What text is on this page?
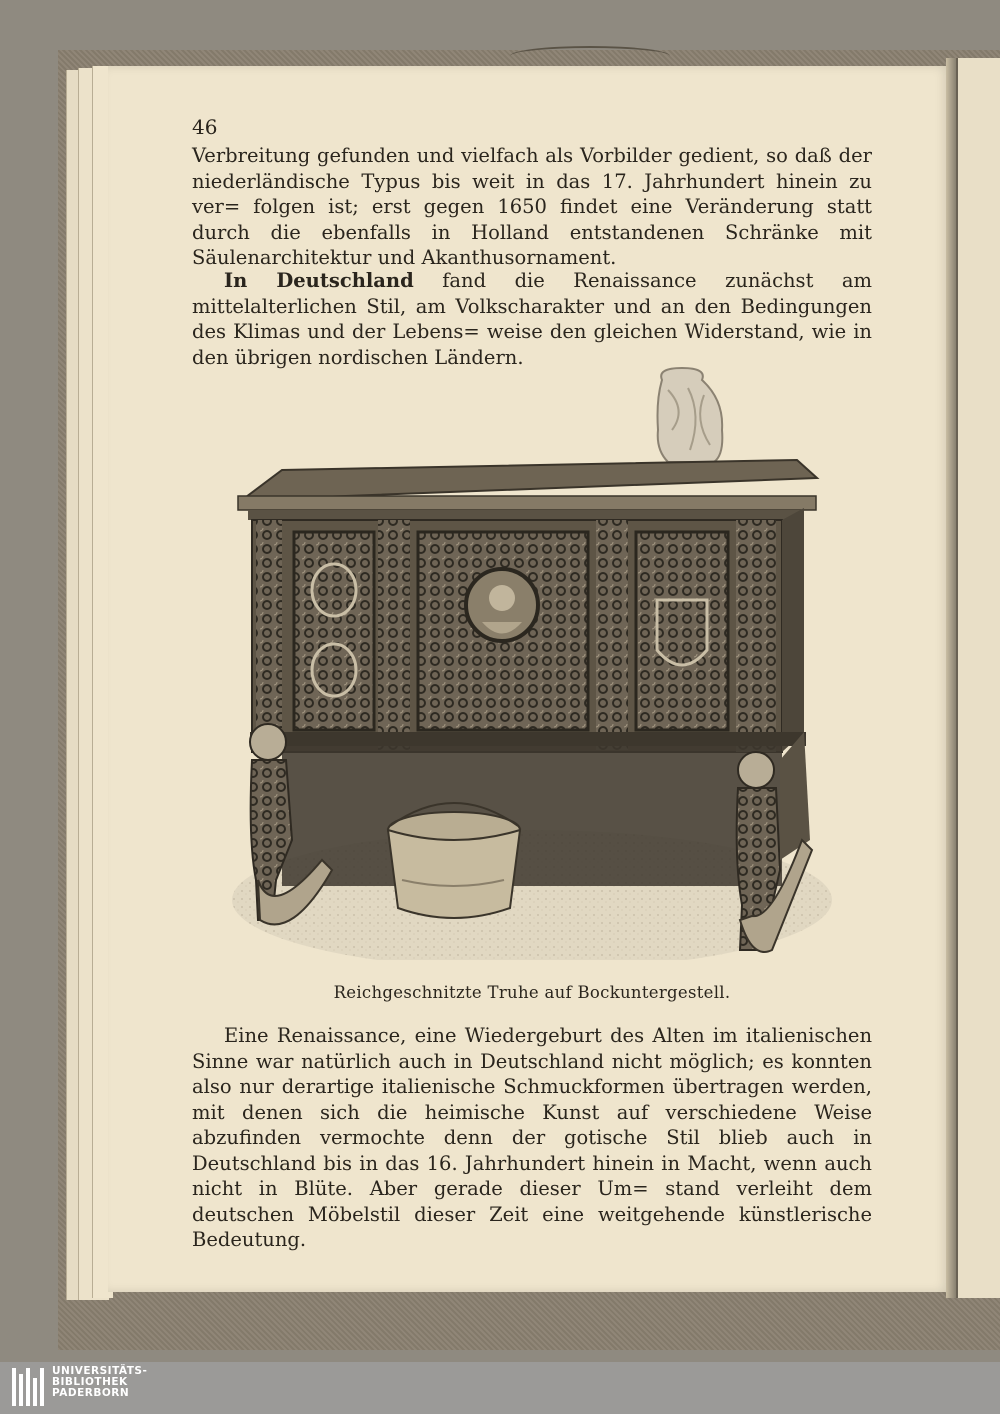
46

Verbreitung gefunden und vielfach als Vorbilder gedient, so daß der niederländische Typus bis weit in das 17. Jahrhundert hinein zu ver= folgen ist; erst gegen 1650 findet eine Veränderung statt durch die ebenfalls in Holland entstandenen Schränke mit Säulenarchitektur und Akanthusornament.

In Deutschland fand die Renaissance zunächst am mittelalterlichen Stil, am Volkscharakter und an den Bedingungen des Klimas und der Lebens= weise den gleichen Widerstand, wie in den übrigen nordischen Ländern.

Reichgeschnitzte Truhe auf Bockuntergestell.

Eine Renaissance, eine Wiedergeburt des Alten im italienischen Sinne war natürlich auch in Deutschland nicht möglich; es konnten also nur derartige italienische Schmuckformen übertragen werden, mit denen sich die heimische Kunst auf verschiedene Weise abzufinden vermochte denn der gotische Stil blieb auch in Deutschland bis in das 16. Jahrhundert hinein in Macht, wenn auch nicht in Blüte. Aber gerade dieser Um= stand verleiht dem deutschen Möbelstil dieser Zeit eine weitgehende künstlerische Bedeutung.

UNIVERSITÄTS-
BIBLIOTHEK
PADERBORN
